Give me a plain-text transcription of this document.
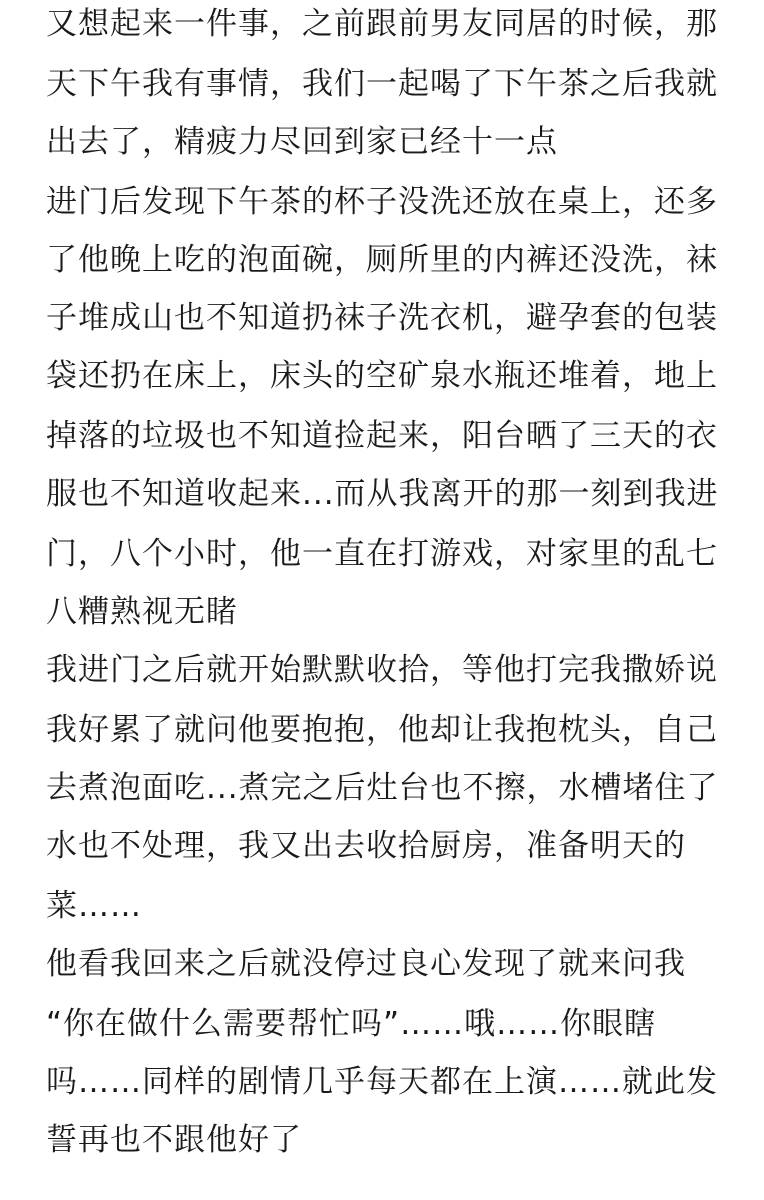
又想起来一件事，之前跟前男友同居的时候，那
天下午我有事情，我们一起喝了下午茶之后我就
出去了，精疲力尽回到家已经十一点
进门后发现下午茶的杯子没洗还放在桌上，还多
了他晚上吃的泡面碗，厕所里的内裤还没洗，袜
子堆成山也不知道扔袜子洗衣机，避孕套的包装
袋还扔在床上，床头的空矿泉水瓶还堆着，地上
掉落的垃圾也不知道捡起来，阳台晒了三天的衣
服也不知道收起来...而从我离开的那一刻到我进
门，八个小时，他一直在打游戏，对家里的乱七
八糟熟视无睹
我进门之后就开始默默收拾，等他打完我撒娇说
我好累了就问他要抱抱，他却让我抱枕头，自己
去煮泡面吃...煮完之后灶台也不擦，水槽堵住了
水也不处理，我又出去收拾厨房，准备明天的
菜……
他看我回来之后就没停过良心发现了就来问我
“你在做什么需要帮忙吗”……哦……你眼瞎
吗……同样的剧情几乎每天都在上演……就此发
誓再也不跟他好了
